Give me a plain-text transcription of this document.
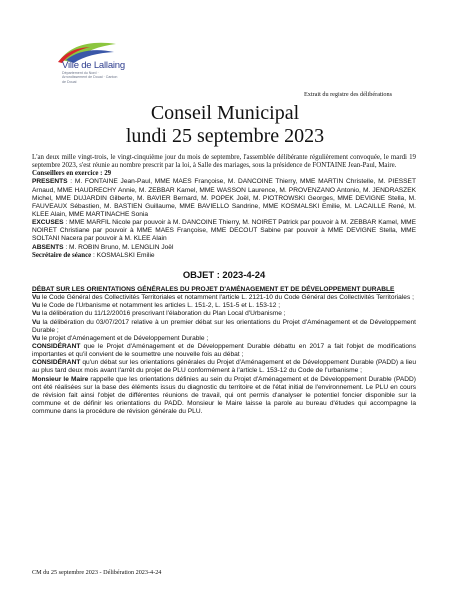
Ville de Lallaing
Département du Nord · Arrondissement de Douai · Canton de Douai
Extrait du registre des délibérations
Conseil Municipal
lundi 25 septembre 2023

L'an deux mille vingt-trois, le vingt-cinquième jour du mois de septembre, l'assemblée délibérante régulièrement convoquée, le mardi 19 septembre 2023, s'est réunie au nombre prescrit par la loi, à Salle des mariages, sous la présidence de FONTAINE Jean-Paul, Maire.

Conseillers en exercice : 29

PRESENTS : M. FONTAINE Jean-Paul, MME MAES Françoise, M. DANCOINE Thierry, MME MARTIN Christelle, M. PIESSET Arnaud, MME HAUDRECHY Annie, M. ZEBBAR Kamel, MME WASSON Laurence, M. PROVENZANO Antonio, M. JENDRASZEK Michel, MME DUJARDIN Gilberte, M. BAVIER Bernard, M. POPEK Joël, M. PIOTROWSKI Georges, MME DEVIGNE Stella, M. FAUVEAUX Sébastien, M. BASTIEN Guillaume, MME BAVIELLO Sandrine, MME KOSMALSKI Emilie, M. LACAILLE René, M. KLEE Alain, MME MARTINACHE Sonia

EXCUSES : MME MARFIL Nicole par pouvoir à M. DANCOINE Thierry, M. NOIRET Patrick par pouvoir à M. ZEBBAR Kamel, MME NOIRET Christiane par pouvoir à MME MAES Françoise, MME DECOUT Sabine par pouvoir à MME DEVIGNE Stella, MME SOLTANI Nacera par pouvoir à M. KLEE Alain

ABSENTS : M. ROBIN Bruno, M. LENGLIN Joël

Secrétaire de séance : KOSMALSKI Emilie

OBJET : 2023-4-24

DÉBAT SUR LES ORIENTATIONS GÉNÉRALES DU PROJET D'AMÉNAGEMENT ET DE DÉVELOPPEMENT DURABLE

Vu le Code Général des Collectivités Territoriales et notamment l'article L. 2121-10 du Code Général des Collectivités Territoriales ;

Vu le Code de l'Urbanisme et notamment les articles L. 151-2, L. 151-5 et L. 153-12 ;

Vu la délibération du 11/12/20016 prescrivant l'élaboration du Plan Local d'Urbanisme ;

Vu la délibération du 03/07/2017 relative à un premier débat sur les orientations du Projet d'Aménagement et de Développement Durable ;

Vu le projet d'Aménagement et de Développement Durable ;

CONSIDÉRANT que le Projet d'Aménagement et de Développement Durable débattu en 2017 a fait l'objet de modifications importantes et qu'il convient de le soumettre une nouvelle fois au débat ;

CONSIDÉRANT qu'un débat sur les orientations générales du Projet d'Aménagement et de Développement Durable (PADD) a lieu au plus tard deux mois avant l'arrêt du projet de PLU conformément à l'article L. 153-12 du Code de l'urbanisme ;

Monsieur le Maire rappelle que les orientations définies au sein du Projet d'Aménagement et de Développement Durable (PADD) ont été réalisées sur la base des éléments issus du diagnostic du territoire et de l'état initial de l'environnement. Le PLU en cours de révision fait ainsi l'objet de différentes réunions de travail, qui ont permis d'analyser le potentiel foncier disponible sur la commune et de définir les orientations du PADD. Monsieur le Maire laisse la parole au bureau d'études qui accompagne la commune dans la procédure de révision générale du PLU.

CM du 25 septembre 2023 - Délibération 2023-4-24
